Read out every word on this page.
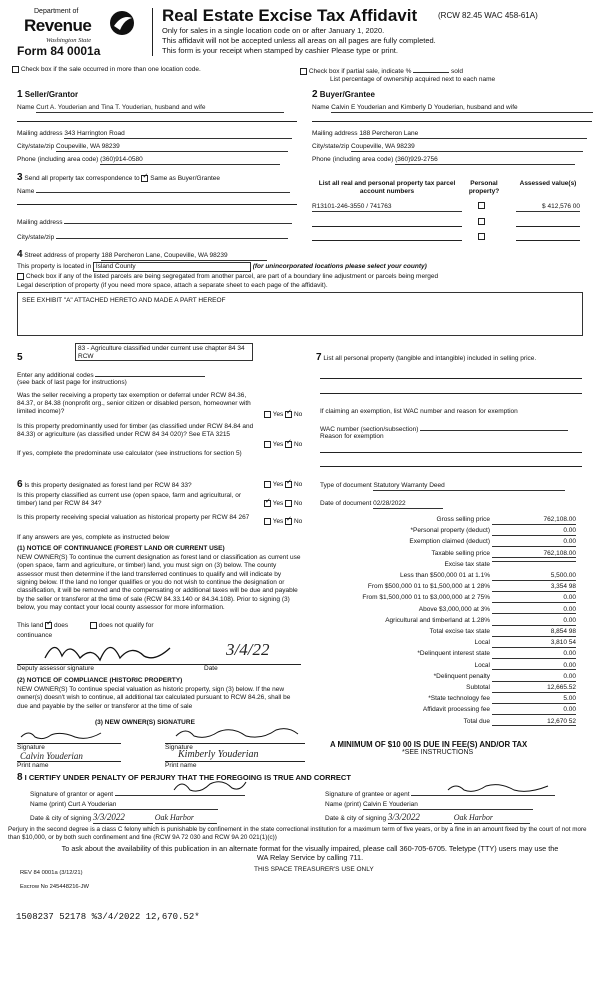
Department of
Revenue
Washington State
Form 84 0001a
Real Estate Excise Tax Affidavit	(RCW 82.45 WAC 458-61A)
Only for sales in a single location code on or after January 1, 2020.
This affidavit will not be accepted unless all areas on all pages are fully completed.
This form is your receipt when stamped by cashier Please type or print.
Check box if the sale occurred in more than one location code.	Check box if partial sale, indicate %	sold
List percentage of ownership acquired next to each name
1 Seller/Grantor	2 Buyer/Grantee
Name Curt A. Youderian and Tina T. Youderian, husband and wife
Mailing address 343 Harrington Road
City/state/zip Coupeville, WA 98239
Phone (including area code) (360)914-0580
Name Calvin E Youderian and Kimberly D Youderian, husband and wife
Mailing address 188 Percheron Lane
City/state/zip Coupeville, WA 98239
Phone (including area code) (360)929-2756
3 Send all property tax correspondence to ✓ Same as Buyer/Grantee
Name
Mailing address
City/state/zip
List all real and personal property tax parcel account numbers
Personal property?
Assessed value(s)
R13101-246-3550 / 741763	$ 412,576 00
4 Street address of property 188 Percheron Lane, Coupeville, WA 98239
This property is located in Island County	(for unincorporated locations please select your county)
Check box if any of the listed parcels are being segregated from another parcel, are part of a boundary line adjustment or parcels being merged
Legal description of property (if you need more space, attach a separate sheet to each page of the affidavit).
SEE EXHIBIT "A" ATTACHED HERETO AND MADE A PART HEREOF
5
83 - Agriculture classified under current use chapter 84 34 RCW
Enter any additional codes
(see back of last page for instructions)
Was the seller receiving a property tax exemption or deferral under RCW 84.36, 84.37, or 84.38 (nonprofit org., senior citizen or disabled person, homeowner with limited income)?
Yes ✓ No
Is this property predominantly used for timber (as classified under RCW 84.84 and 84.33) or agriculture (as classified under RCW 84 34 020)? See ETA 3215
Yes ✓ No
If yes, complete the predominate use calculator (see instructions for section 5)
7 List all personal property (tangible and intangible) included in selling price.
If claiming an exemption, list WAC number and reason for exemption
WAC number (section/subsection)
Reason for exemption
6 Is this property designated as forest land per RCW 84 33?	Yes ✓ No
Is this property classified as current use (open space, farm and agricultural, or timber) land per RCW 84 34? ✓	Yes No
Is this property receiving special valuation as historical property per RCW 84 267
Yes ✓ No
If any answers are yes, complete as instructed below
(1) NOTICE OF CONTINUANCE (FOREST LAND OR CURRENT USE)
NEW OWNER(S) To continue the current designation as forest land or classification as current use (open space, farm and agriculture, or timber) land, you must sign on (3) below. The county assessor must then determine if the land transferred continues to qualify and will indicate by signing below. If the land no longer qualifies or you do not wish to continue the designation or classification, it will be removed and the compensating or additional taxes will be due and payable by the seller or transferor at the time of sale (RCW 84.33.140 or 84.34.108). Prior to signing (3) below, you may contact your local county assessor for more information.
This land ✓ does	does not qualify for
continuance
3/4/22
Deputy assessor signature	Date
(2) NOTICE OF COMPLIANCE (HISTORIC PROPERTY)
NEW OWNER(S) To continue special valuation as historic property, sign (3) below. If the new owner(s) doesn't wish to continue, all additional tax calculated pursuant to RCW 84.26, shall be due and payable by the seller or transferor at the time of sale
(3) NEW OWNER(S) SIGNATURE
Signature	Signature
Calvin Youderian	Kimberly Youderian
Print name	Print name
Type of document Statutory Warranty Deed
Date of document 02/28/2022
Gross selling price	762,108.00
*Personal property (deduct)	0.00
Exemption claimed (deduct)	0.00
Taxable selling price	762,108.00
Excise tax state
Less than $500,000 01 at 1.1%	5,500.00
From $500,000 01 to $1,500,000 at 1 28%	3,354 98
From $1,500,000 01 to $3,000,000 at 2 75%	0.00
Above $3,000,000 at 3%	0.00
Agricultural and timberland at 1.28%	0.00
Total excise tax state	8,854 98
Local	3,810 54
*Delinquent interest state	0.00
Local	0.00
*Delinquent penalty	0.00
Subtotal	12,665.52
*State technology fee	5.00
Affidavit processing fee	0.00
Total due	12,670 52
A MINIMUM OF $10 00 IS DUE IN FEE(S) AND/OR TAX
*SEE INSTRUCTIONS
8 I CERTIFY UNDER PENALTY OF PERJURY THAT THE FOREGOING IS TRUE AND CORRECT
Signature of grantor or agent
Name (print) Curt A Youderian
Date & city of signing 3/3/2022	Oak Harbor
Signature of grantee or agent
Name (print) Calvin E Youderian
Date & city of signing 3/3/2022	Oak Harbor
Perjury in the second degree is a class C felony which is punishable by confinement in the state correctional institution for a maximum term of five years, or by a fine in an amount fixed by the court of not more than $10,000, or by both such confinement and fine (RCW 9A 72 030 and RCW 9A 20 021(1)(c))
To ask about the availability of this publication in an alternate format for the visually impaired, please call 360-705-6705. Teletype (TTY) users may use the WA Relay Service by calling 711.
REV 84 0001a (3/12/21)	THIS SPACE TREASURER'S USE ONLY
Escrow No 245448216-JW
1508237 52178 %3/4/2022 12,670.52*
